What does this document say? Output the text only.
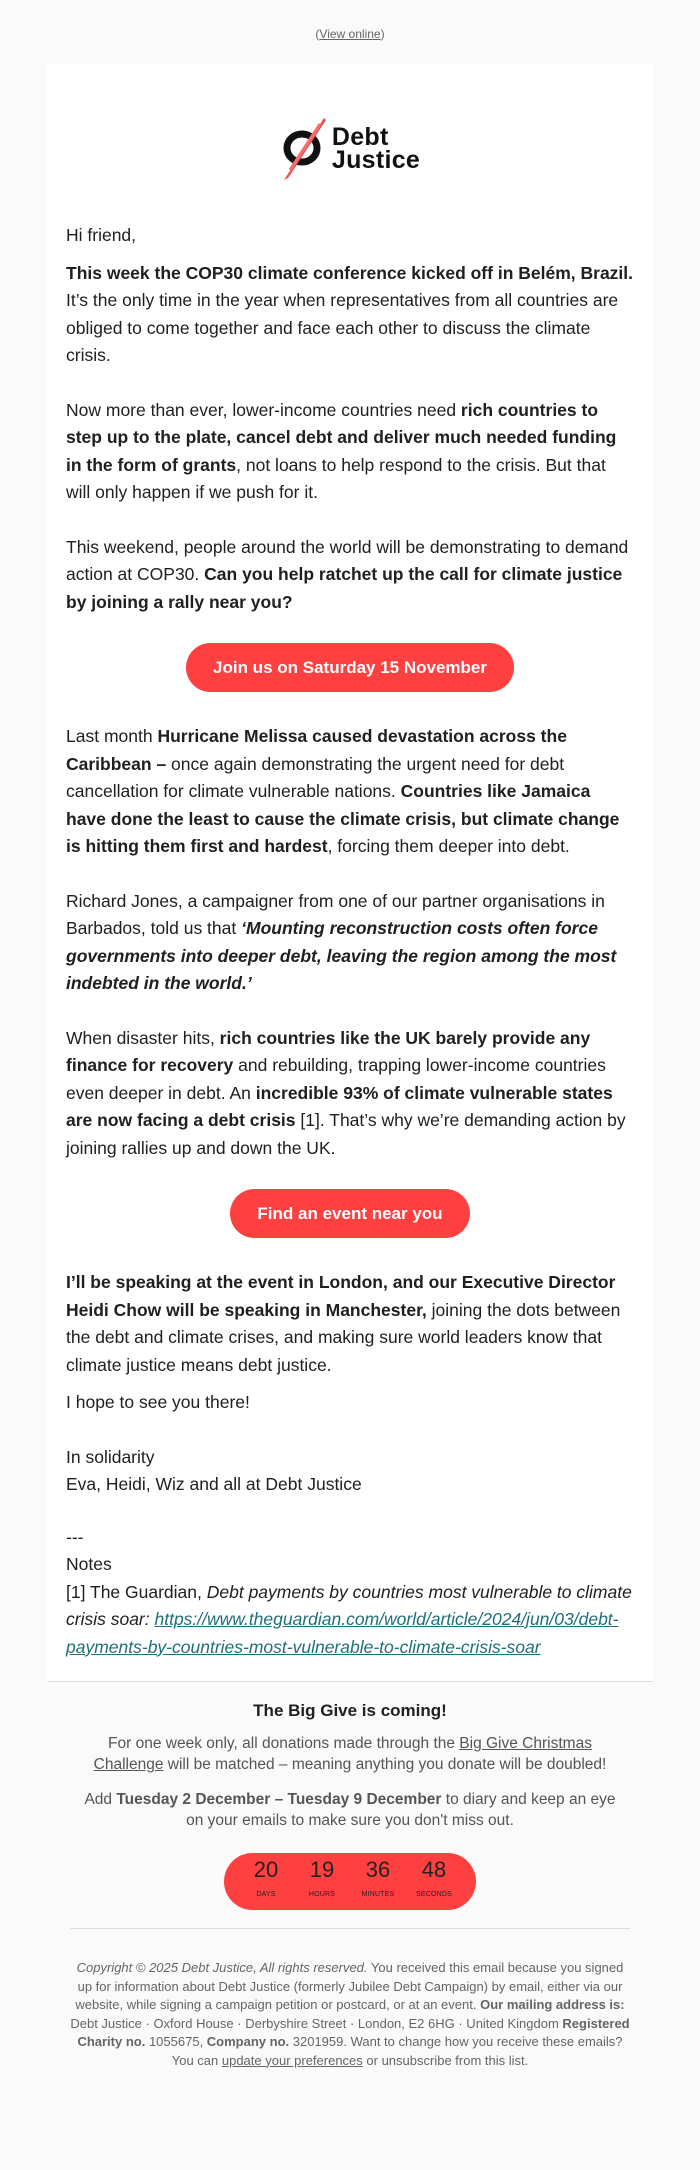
(View online)
Debt
Justice

Hi friend,

This week the COP30 climate conference kicked off in Belém, Brazil. It’s the only time in the year when representatives from all countries are obliged to come together and face each other to discuss the climate crisis.

Now more than ever, lower-income countries need rich countries to step up to the plate, cancel debt and deliver much needed funding in the form of grants, not loans to help respond to the crisis. But that will only happen if we push for it.

This weekend, people around the world will be demonstrating to demand action at COP30. Can you help ratchet up the call for climate justice by joining a rally near you?

Join us on Saturday 15 November

Last month Hurricane Melissa caused devastation across the Caribbean – once again demonstrating the urgent need for debt cancellation for climate vulnerable nations. Countries like Jamaica have done the least to cause the climate crisis, but climate change is hitting them first and hardest, forcing them deeper into debt.

Richard Jones, a campaigner from one of our partner organisations in Barbados, told us that ‘Mounting reconstruction costs often force governments into deeper debt, leaving the region among the most indebted in the world.’

When disaster hits, rich countries like the UK barely provide any finance for recovery and rebuilding, trapping lower-income countries even deeper in debt. An incredible 93% of climate vulnerable states are now facing a debt crisis [1]. That’s why we’re demanding action by joining rallies up and down the UK.

Find an event near you

I’ll be speaking at the event in London, and our Executive Director Heidi Chow will be speaking in Manchester, joining the dots between the debt and climate crises, and making sure world leaders know that climate justice means debt justice.

I hope to see you there!

In solidarity
Eva, Heidi, Wiz and all at Debt Justice

---
Notes
[1] The Guardian, Debt payments by countries most vulnerable to climate crisis soar: https://www.theguardian.com/world/article/2024/jun/03/debt-payments-by-countries-most-vulnerable-to-climate-crisis-soar

The Big Give is coming!

For one week only, all donations made through the Big Give Christmas Challenge will be matched – meaning anything you donate will be doubled!

Add Tuesday 2 December – Tuesday 9 December to diary and keep an eye on your emails to make sure you don't miss out.

20
DAYS
19
HOURS
36
MINUTES
48
SECONDS
Copyright © 2025 Debt Justice, All rights reserved. You received this email because you signed up for information about Debt Justice (formerly Jubilee Debt Campaign) by email, either via our website, while signing a campaign petition or postcard, or at an event. Our mailing address is: Debt Justice · Oxford House · Derbyshire Street · London, E2 6HG · United Kingdom Registered Charity no. 1055675, Company no. 3201959. Want to change how you receive these emails? You can update your preferences or unsubscribe from this list.
